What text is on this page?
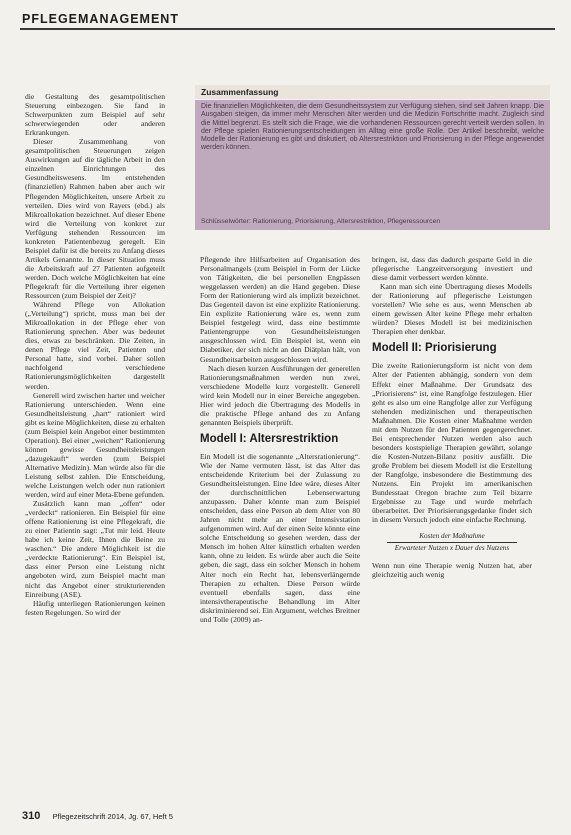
PFLEGEMANAGEMENT
Zusammenfassung
Die finanziellen Möglichkeiten, die dem Gesundheitssystem zur Verfügung stehen, sind seit Jahren knapp. Die Ausgaben steigen, da immer mehr Menschen älter werden und die Medizin Fortschritte macht. Zugleich sind die Mittel begrenzt. Es stellt sich die Frage, wie die vorhandenen Ressourcen gerecht verteilt werden sollen. In der Pflege spielen Rationierungsentscheidungen im Alltag eine große Rolle. Der Artikel beschreibt, welche Modelle der Rationierung es gibt und diskutiert, ob Altersrestriktion und Priorisierung in der Pflege angewendet werden können.
Schlüsselwörter: Rationierung, Priorisierung, Altersrestriktion, Pflegeressourcen

die Gestaltung des gesamtpolitischen Steuerung einbezogen. Sie fand in Schwerpunkten zum Beispiel auf sehr schwerwiegenden oder anderen Erkrankungen.

Dieser Zusammenhang von gesamtpolitischen Steuerungen zeigen Auswirkungen auf die tägliche Arbeit in den einzelnen Einrichtungen des Gesundheitswesens. Im entstehenden (finanziellen) Rahmen haben aber auch wir Pflegenden Möglichkeiten, unsere Arbeit zu verteilen. Dies wird von Rayers (ebd.) als Mikroallokation bezeichnet. Auf dieser Ebene wird die Verteilung von konkret zur Verfügung stehenden Ressourcen im konkreten Patientenbezug geregelt. Ein Beispiel dafür ist die bereits zu Anfang dieses Artikels Genannte. In dieser Situation muss die Arbeitskraft auf 27 Patienten aufgeteilt werden. Doch welche Möglichkeiten hat eine Pflegekraft für die Verteilung ihrer eigenen Ressourcen (zum Beispiel der Zeit)?

Während Pflege von Allokation („Verteilung“) spricht, muss man bei der Mikroallokation in der Pflege eher von Rationierung sprechen. Aber was bedeutet dies, etwas zu beschränken. Die Zeiten, in denen Pflege viel Zeit, Patienten und Personal hatte, sind vorbei. Daher sollen nachfolgend verschiedene Rationierungsmöglichkeiten dargestellt werden.

Generell wird zwischen harter und weicher Rationierung unterschieden. Wenn eine Gesundheitsleistung „hart“ rationiert wird gibt es keine Möglichkeiten, diese zu erhalten (zum Beispiel kein Angebot einer bestimmten Operation). Bei einer „weichen“ Rationierung können gewisse Gesundheitsleistungen „dazugekauft“ werden (zum Beispiel Alternative Medizin). Man würde also für die Leistung selbst zahlen. Die Entscheidung, welche Leistungen welch oder nun rationiert werden, wird auf einer Meta-Ebene gefunden.

Zusätzlich kann man „offen“ oder „verdeckt“ rationieren. Ein Beispiel für eine offene Rationierung ist eine Pflegekraft, die zu einer Patientin sagt: „Tut mir leid. Heute habe ich keine Zeit, Ihnen die Beine zu waschen.“ Die andere Möglichkeit ist die „verdeckte Rationierung“. Ein Beispiel ist, dass einer Person eine Leistung nicht angeboten wird, zum Beispiel macht man nicht das Angebot einer strukturierenden Einreibung (ASE).

Häufig unterliegen Rationierungen keinen festen Regelungen. So wird der

Pflegende ihre Hilfsarbeiten auf Organisation des Personalmangels (zum Beispiel in Form der Lücke von Tätigkeiten, die bei personellen Engpässen weggelassen werden) an die Hand gegeben. Diese Form der Rationierung wird als implizit bezeichnet. Das Gegenteil davon ist eine explizite Rationierung. Ein explizite Rationierung wäre es, wenn zum Beispiel festgelegt wird, dass eine bestimmte Patientengruppe von Gesundheitsleistungen ausgeschlossen wird. Ein Beispiel ist, wenn ein Diabetiker, der sich nicht an den Diätplan hält, von Gesundheitsarbeiten ausgeschlossen wird.

Nach diesen kurzen Ausführungen der generellen Rationierungsmaßnahmen werden nun zwei, verschiedene Modelle kurz vorgestellt. Generell wird kein Modell nur in einer Bereiche angegeben. Hier wird jedoch die Übertragung des Modells in die praktische Pflege anhand des zu Anfang genannten Beispiels überprüft.

Modell I: Altersrestriktion

Ein Modell ist die sogenannte „Altersrationierung“. Wie der Name vermuten lässt, ist das Alter das entscheidende Kriterium bei der Zulassung zu Gesundheitsleistungen. Eine Idee wäre, dieses Alter der durchschnittlichen Lebenserwartung anzupassen. Daher könnte man zum Beispiel entscheiden, dass eine Person ab dem Alter von 80 Jahren nicht mehr an einer Intensivstation aufgenommen wird. Auf der einen Seite könnte eine solche Entscheidung so gesehen werden, dass der Mensch im hohen Alter künstlich erhalten werden kann, ohne zu leiden. Es würde aber auch die Seite geben, die sagt, dass ein solcher Mensch in hohem Alter noch ein Recht hat, lebensverlängernde Therapien zu erhalten. Diese Person würde eventuell ebenfalls sagen, dass eine intensivtherapeutische Behandlung im Alter diskriminierend sei. Ein Argument, welches Breitner und Tolle (2009) an-

bringen, ist, dass das dadurch gesparte Geld in die pflegerische Langzeitversorgung investiert und diese damit verbessert werden könnte.

Kann man sich eine Übertragung dieses Modells der Rationierung auf pflegerische Leistungen vorstellen? Wie sehe es aus, wenn Menschen ab einem gewissen Alter keine Pflege mehr erhalten würden? Dieses Modell ist bei medizinischen Therapien eher denkbar.

Modell II: Priorisierung

Die zweite Rationierungsform ist nicht von dem Alter der Patienten abhängig, sondern von dem Effekt einer Maßnahme. Der Grundsatz des „Priorisierens“ ist, eine Rangfolge festzulegen. Hier geht es also um eine Rangfolge aller zur Verfügung stehenden medizinischen und therapeutischen Maßnahmen. Die Kosten einer Maßnahme werden mit dem Nutzen für den Patienten gegengerechnet. Bei entsprechender Nutzen werden also auch besonders kostspielige Therapien gewährt, solange die Kosten-Nutzen-Bilanz positiv ausfällt. Die große Problem bei diesem Modell ist die Erstellung der Rangfolge, insbesondere die Bestimmung des Nutzens. Ein Projekt im amerikanischen Bundesstaat Oregon brachte zum Teil bizarre Ergebnisse zu Tage und wurde mehrfach überarbeitet. Der Priorisierungsgedanke findet sich in diesem Versuch jedoch eine einfache Rechnung.

Kosten der Maßnahme
Erwarteter Nutzen x Dauer des Nutzens

Wenn nun eine Therapie wenig Nutzen hat, aber gleichzeitig auch wenig

310 Pflegezeitschrift 2014, Jg. 67, Heft 5
